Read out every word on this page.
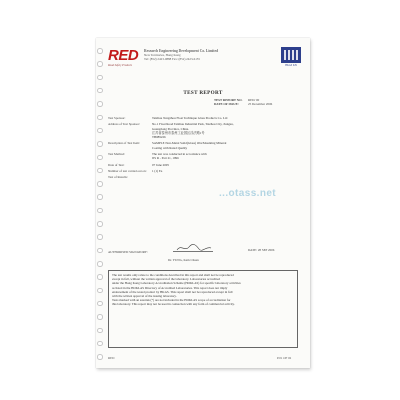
RED
Road Safety Products
Research Engineering Development Co. Limited
New Territories, Hong Kong
Tel: (852) 2423-0888 Fax: (852) 2423-6155
HKAS 029
TEST REPORT
TEST REPORT NO.	RED/ 00
DATE OF ISSUE:	25 December 2006
Test Sponsor:	Taizhou Tongzhou Float Technique Glass Products Co. Ltd
Address of Test Sponsor:	No.1 Float Road Taizhou Industrial Park, Taizhou City, Jiangsu,
Guangdong Province, China.
江苏省泰州市泰州工业园区浮法路1号
TB089226
Description of Test Item:	SAMPLE Non-Metal Solid(Glass) Obs/Mounting Mineral
Coating with Rated Quality
Test Method:	The test was conducted in accordance with
JIS R - Part 21, 1996
Date of Test:	07 June 2005
Number of test carried out on:	1 (1) Ea
Test of Results:
...otass.net
AUTHORISED SIGNATORY:
Dr. YUNG, Kam Chuen
DATE: 28 SEP 2006
The test results only relate to the conditions described in this report and shall not be reproduced
except in full, without the written approval of the laboratory. Laboratories accredited
under the Hong Kong Laboratory Accreditation Scheme (HOKLAS) for specific laboratory activities
as listed in the HOKLAS Directory of Accredited Laboratories. This report does not imply
endorsement of the tested product by HKAS. This report shall not be reproduced except in full
with the written approval of the issuing laboratory.
Tests marked with an asterisk (*) are not included in the HOKLAS scope of accreditation for
this laboratory. This report may not be used in connection with any form of commercial activity.
RED	P.01 OF 02
